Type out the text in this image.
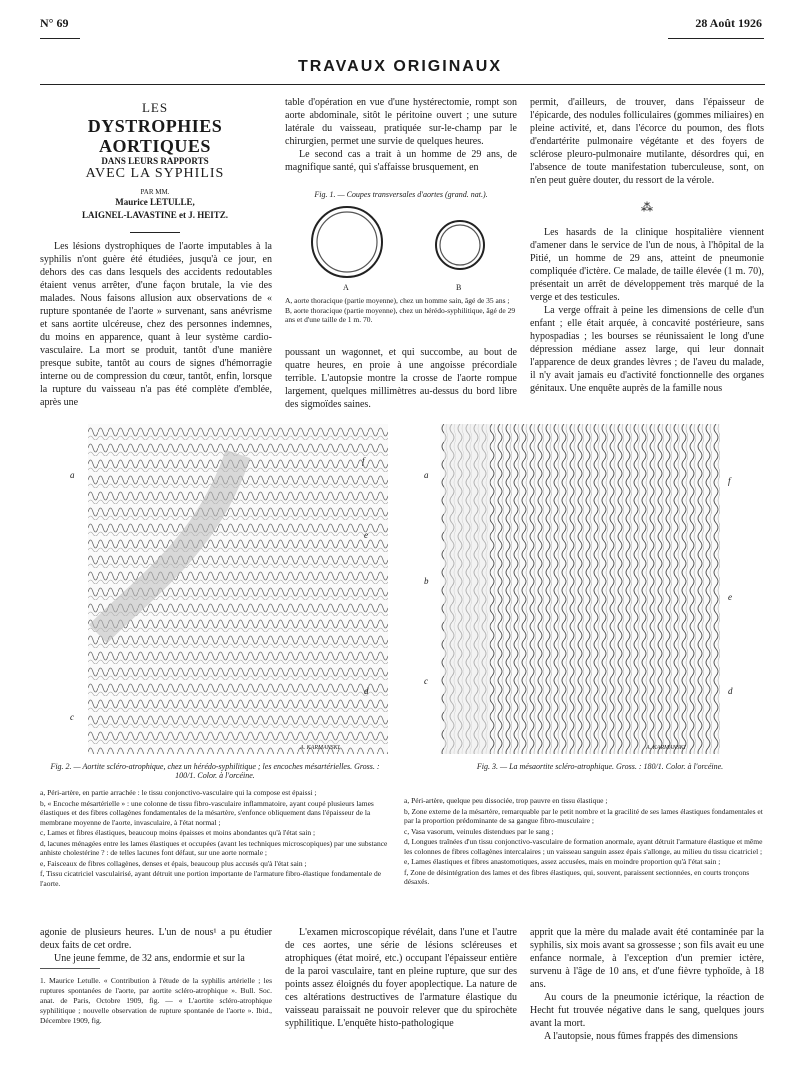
N° 69	28 Août 1926
TRAVAUX ORIGINAUX
LES
DYSTROPHIES AORTIQUES
DANS LEURS RAPPORTS
AVEC LA SYPHILIS
PAR MM.
Maurice LETULLE,
LAIGNEL-LAVASTINE et J. HEITZ.

Les lésions dystrophiques de l'aorte imputables à la syphilis n'ont guère été étudiées, jusqu'à ce jour, en dehors des cas dans lesquels des accidents redoutables étaient venus arrêter, d'une façon brutale, la vie des malades. Nous faisons allusion aux observations de « rupture spontanée de l'aorte » survenant, sans anévrisme et sans aortite ulcéreuse, chez des personnes indemnes, du moins en apparence, quant à leur système cardio-vasculaire. La mort se produit, tantôt d'une manière presque subite, tantôt au cours de signes d'hémorragie interne ou de compression du cœur, tantôt, enfin, lorsque la rupture du vaisseau n'a pas été complète d'emblée, après une

table d'opération en vue d'une hystérectomie, rompt son aorte abdominale, sitôt le péritoine ouvert ; une suture latérale du vaisseau, pratiquée sur-le-champ par le chirurgien, permet une survie de quelques heures.

Le second cas a trait à un homme de 29 ans, de magnifique santé, qui s'affaisse brusquement, en

Fig. 1. — Coupes transversales d'aortes (grand. nat.).
A	B
A, aorte thoracique (partie moyenne), chez un homme sain, âgé de 35 ans ;
B, aorte thoracique (partie moyenne), chez un hérédo-syphilitique, âgé de 29 ans et d'une taille de 1 m. 70.

poussant un wagonnet, et qui succombe, au bout de quatre heures, en proie à une angoisse précordiale terrible. L'autopsie montre la crosse de l'aorte rompue largement, quelques millimètres au-dessus du bord libre des sigmoïdes saines.

permit, d'ailleurs, de trouver, dans l'épaisseur de l'épicarde, des nodules folliculaires (gommes miliaires) en pleine activité, et, dans l'écorce du poumon, des flots d'endartérite pulmonaire végétante et des foyers de sclérose pleuro-pulmonaire mutilante, désordres qui, en l'absence de toute manifestation tuberculeuse, sont, on n'en peut guère douter, du ressort de la vérole.

⁂

Les hasards de la clinique hospitalière viennent d'amener dans le service de l'un de nous, à l'hôpital de la Pitié, un homme de 29 ans, atteint de pneumonie compliquée d'ictère. Ce malade, de taille élevée (1 m. 70), présentait un arrêt de développement très marqué de la verge et des testicules.

La verge offrait à peine les dimensions de celle d'un enfant ; elle était arquée, à concavité postérieure, sans hypospadias ; les bourses se réunissaient le long d'une dépression médiane assez large, qui leur donnait l'apparence de deux grandes lèvres ; de l'aveu du malade, il n'y avait jamais eu d'activité fonctionnelle des organes génitaux. Une enquête auprès de la famille nous

a
f
e
c
d
A. KARMANSKI
a
f
b
e
c
d
A. KARMANSKI
Fig. 2. — Aortite scléro-atrophique, chez un hérédo-syphilitique ; les encoches mésartérielles. Gross. : 100/1. Color. à l'orcéine.
Fig. 3. — La mésaortite scléro-atrophique. Gross. : 180/1. Color. à l'orcéine.
a, Péri-artère, en partie arrachée : le tissu conjonctivo-vasculaire qui la compose est épaissi ;
b, « Encoche mésartérielle » : une colonne de tissu fibro-vasculaire inflammatoire, ayant coupé plusieurs lames élastiques et des fibres collagènes fondamentales de la mésartère, s'enfonce obliquement dans l'épaisseur de la membrane moyenne de l'aorte, invasculaire, à l'état normal ;
c, Lames et fibres élastiques, beaucoup moins épaisses et moins abondantes qu'à l'état sain ;
d, lacunes ménagées entre les lames élastiques et occupées (avant les techniques microscopiques) par une substance anhiste cholestérine ? : de telles lacunes font défaut, sur une aorte normale ;
e, Faisceaux de fibres collagènes, denses et épais, beaucoup plus accusés qu'à l'état sain ;
f, Tissu cicatriciel vasculairisé, ayant détruit une portion importante de l'armature fibro-élastique fondamentale de l'aorte.
a, Péri-artère, quelque peu dissociée, trop pauvre en tissu élastique ;
b, Zone externe de la mésartère, remarquable par le petit nombre et la gracilité de ses lames élastiques fondamentales et par la proportion prédominante de sa gangue fibro-musculaire ;
c, Vasa vasorum, veinules distendues par le sang ;
d, Longues traînées d'un tissu conjonctivo-vasculaire de formation anormale, ayant détruit l'armature élastique et même les colonnes de fibres collagènes intercalaires ; un vaisseau sanguin assez épais s'allonge, au milieu du tissu cicatriciel ;
e, Lames élastiques et fibres anastomotiques, assez accusées, mais en moindre proportion qu'à l'état sain ;
f, Zone de désintégration des lames et des fibres élastiques, qui, souvent, paraissent sectionnées, en courts tronçons désaxés.

agonie de plusieurs heures. L'un de nous¹ a pu étudier deux faits de cet ordre.

Une jeune femme, de 32 ans, endormie et sur la

1. Maurice Letulle. « Contribution à l'étude de la syphilis artérielle ; les ruptures spontanées de l'aorte, par aortite scléro-atrophique ». Bull. Soc. anat. de Paris, Octobre 1909, fig. — « L'aortite scléro-atrophique syphilitique ; nouvelle observation de rupture spontanée de l'aorte ». Ibid., Décembre 1909, fig.

L'examen microscopique révélait, dans l'une et l'autre de ces aortes, une série de lésions scléreuses et atrophiques (état moiré, etc.) occupant l'épaisseur entière de la paroi vasculaire, tant en pleine rupture, que sur des points assez éloignés du foyer apoplectique. La nature de ces altérations destructives de l'armature élastique du vaisseau paraissait ne pouvoir relever que du spirochète syphilitique. L'enquête histo-pathologique

apprit que la mère du malade avait été contaminée par la syphilis, six mois avant sa grossesse ; son fils avait eu une enfance normale, à l'exception d'un premier ictère, survenu à l'âge de 10 ans, et d'une fièvre typhoïde, à 18 ans.

Au cours de la pneumonie ictérique, la réaction de Hecht fut trouvée négative dans le sang, quelques jours avant la mort.

A l'autopsie, nous fûmes frappés des dimensions
